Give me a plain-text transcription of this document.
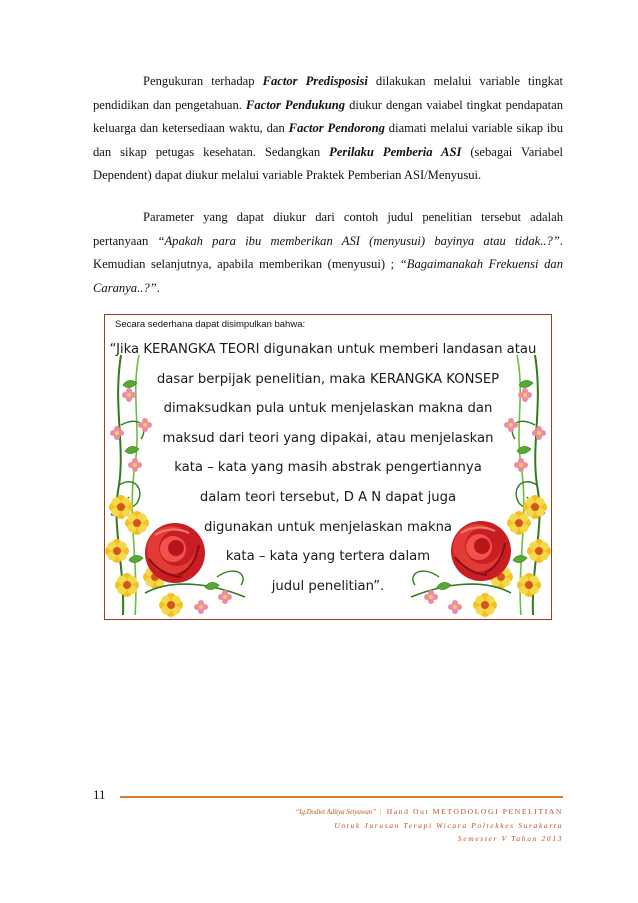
Pengukuran terhadap Factor Predisposisi dilakukan melalui variable tingkat pendidikan dan pengetahuan. Factor Pendukung diukur dengan vaiabel tingkat pendapatan keluarga dan ketersediaan waktu, dan Factor Pendorong diamati melalui variable sikap ibu dan sikap petugas kesehatan. Sedangkan Perilaku Pemberia ASI (sebagai Variabel Dependent) dapat diukur melalui variable Praktek Pemberian ASI/Menyusui.

Parameter yang dapat diukur dari contoh judul penelitian tersebut adalah pertanyaan “Apakah para ibu memberikan ASI (menyusui) bayinya atau tidak..?”. Kemudian selanjutnya, apabila memberikan (menyusui) ; “Bagaimanakah Frekuensi dan Caranya..?”.

Secara sederhana dapat disimpulkan bahwa:
“Jika KERANGKA TEORI digunakan untuk memberi landasan atau
dasar berpijak penelitian, maka KERANGKA KONSEP
dimaksudkan pula untuk menjelaskan makna dan
maksud dari teori yang dipakai, atau menjelaskan
kata – kata yang masih abstrak pengertiannya
dalam teori tersebut, D A N dapat juga
digunakan untuk menjelaskan makna
kata – kata yang tertera dalam
judul penelitian”.
11
“Ig.Dodiet Aditya Setyawan” : Hand Out METODOLOGI PENELITIAN
Untuk Jurusan Terapi Wicara Poltekkes Surakarta
Semester V Tahun 2013
